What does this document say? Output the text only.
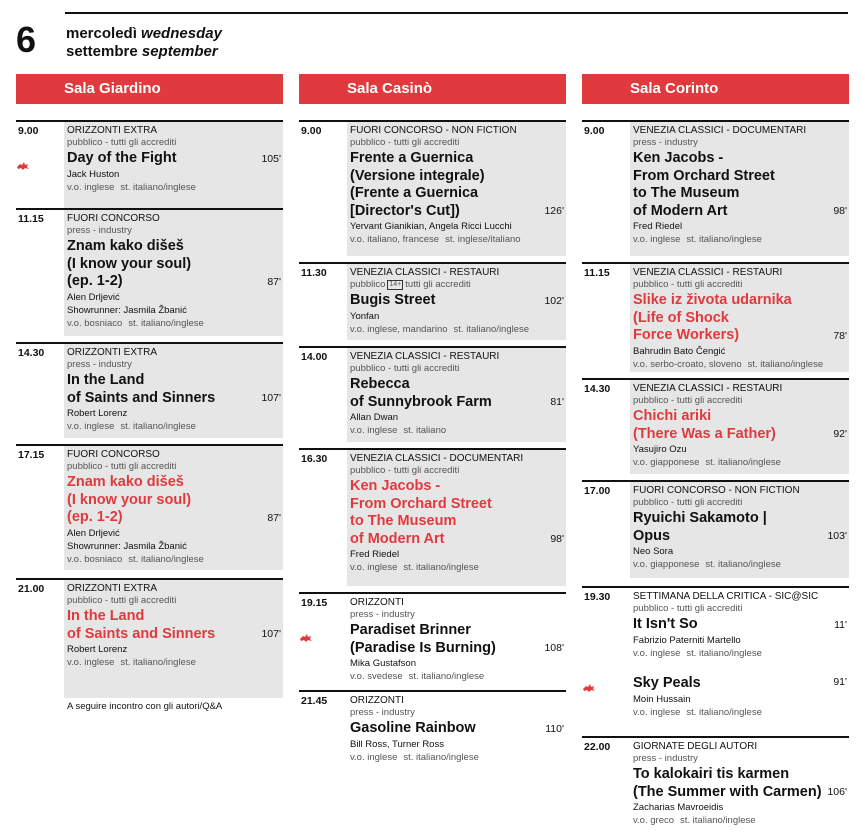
6 mercoledì wednesday
settembre september
Sala Giardino
9.00	ORIZZONTI EXTRA
pubblico - tutti gli accrediti
Day of the Fight
Jack Huston
v.o. inglese st. italiano/inglese
105'
11.15 FUORI CONCORSO
press - industry
Znam kako dišeš
(I know your soul)
(ep. 1-2)
Alen Drljević
Showrunner: Jasmila Žbanić
v.o. bosniaco st. italiano/inglese
87'
14.30 ORIZZONTI EXTRA
press - industry
In the Land
of Saints and Sinners
Robert Lorenz
v.o. inglese st. italiano/inglese
107'
17.15 FUORI CONCORSO
pubblico - tutti gli accrediti
Znam kako dišeš
(I know your soul)
(ep. 1-2)
Alen Drljević
Showrunner: Jasmila Žbanić
v.o. bosniaco st. italiano/inglese
87'
21.00 ORIZZONTI EXTRA
pubblico - tutti gli accrediti
In the Land
of Saints and Sinners
Robert Lorenz
v.o. inglese st. italiano/inglese
107'
A seguire incontro con gli autori/Q&A
Sala Casinò
9.00	FUORI CONCORSO - NON FICTION
pubblico - tutti gli accrediti
Frente a Guernica
(Versione integrale)
(Frente a Guernica
[Director's Cut])
Yervant Gianikian, Angela Ricci Lucchi
v.o. italiano, francese st. inglese/italiano
126'
11.30 VENEZIA CLASSICI - RESTAURI
pubblico 14+ tutti gli accrediti
Bugis Street
Yonfan
v.o. inglese, mandarino st. italiano/inglese
102'
14.00 VENEZIA CLASSICI - RESTAURI
pubblico - tutti gli accrediti
Rebecca
of Sunnybrook Farm
Allan Dwan
v.o. inglese st. italiano
81'
16.30 VENEZIA CLASSICI - DOCUMENTARI
pubblico - tutti gli accrediti
Ken Jacobs -
From Orchard Street
to The Museum
of Modern Art
Fred Riedel
v.o. inglese st. italiano/inglese
98'
19.15 ORIZZONTI
press - industry
Paradiset Brinner
(Paradise Is Burning)
Mika Gustafson
v.o. svedese st. italiano/inglese
108'
21.45 ORIZZONTI
press - industry
Gasoline Rainbow
Bill Ross, Turner Ross
v.o. inglese st. italiano/inglese
110'
Sala Corinto
9.00	VENEZIA CLASSICI - DOCUMENTARI
press - industry
Ken Jacobs -
From Orchard Street
to The Museum
of Modern Art
Fred Riedel
v.o. inglese st. italiano/inglese
98'
11.15 VENEZIA CLASSICI - RESTAURI
pubblico - tutti gli accrediti
Slike iz života udarnika
(Life of Shock
Force Workers)
Bahrudin Bato Čengić
v.o. serbo-croato, sloveno st. italiano/inglese
78'
14.30 VENEZIA CLASSICI - RESTAURI
pubblico - tutti gli accrediti
Chichi ariki
(There Was a Father)
Yasujiro Ozu
v.o. giapponese st. italiano/inglese
92'
17.00 FUORI CONCORSO - NON FICTION
pubblico - tutti gli accrediti
Ryuichi Sakamoto |
Opus
Neo Sora
v.o. giapponese st. italiano/inglese
103'
19.30 SETTIMANA DELLA CRITICA - SIC@SIC
pubblico - tutti gli accrediti
It Isn't So
Fabrizio Paterniti Martello
v.o. inglese st. italiano/inglese
11'
Sky Peals
Moin Hussain
v.o. inglese st. italiano/inglese
91'
22.00 GIORNATE DEGLI AUTORI
press - industry
To kalokairi tis karmen
(The Summer with Carmen)
Zacharias Mavroeidis
v.o. greco st. italiano/inglese
106'
